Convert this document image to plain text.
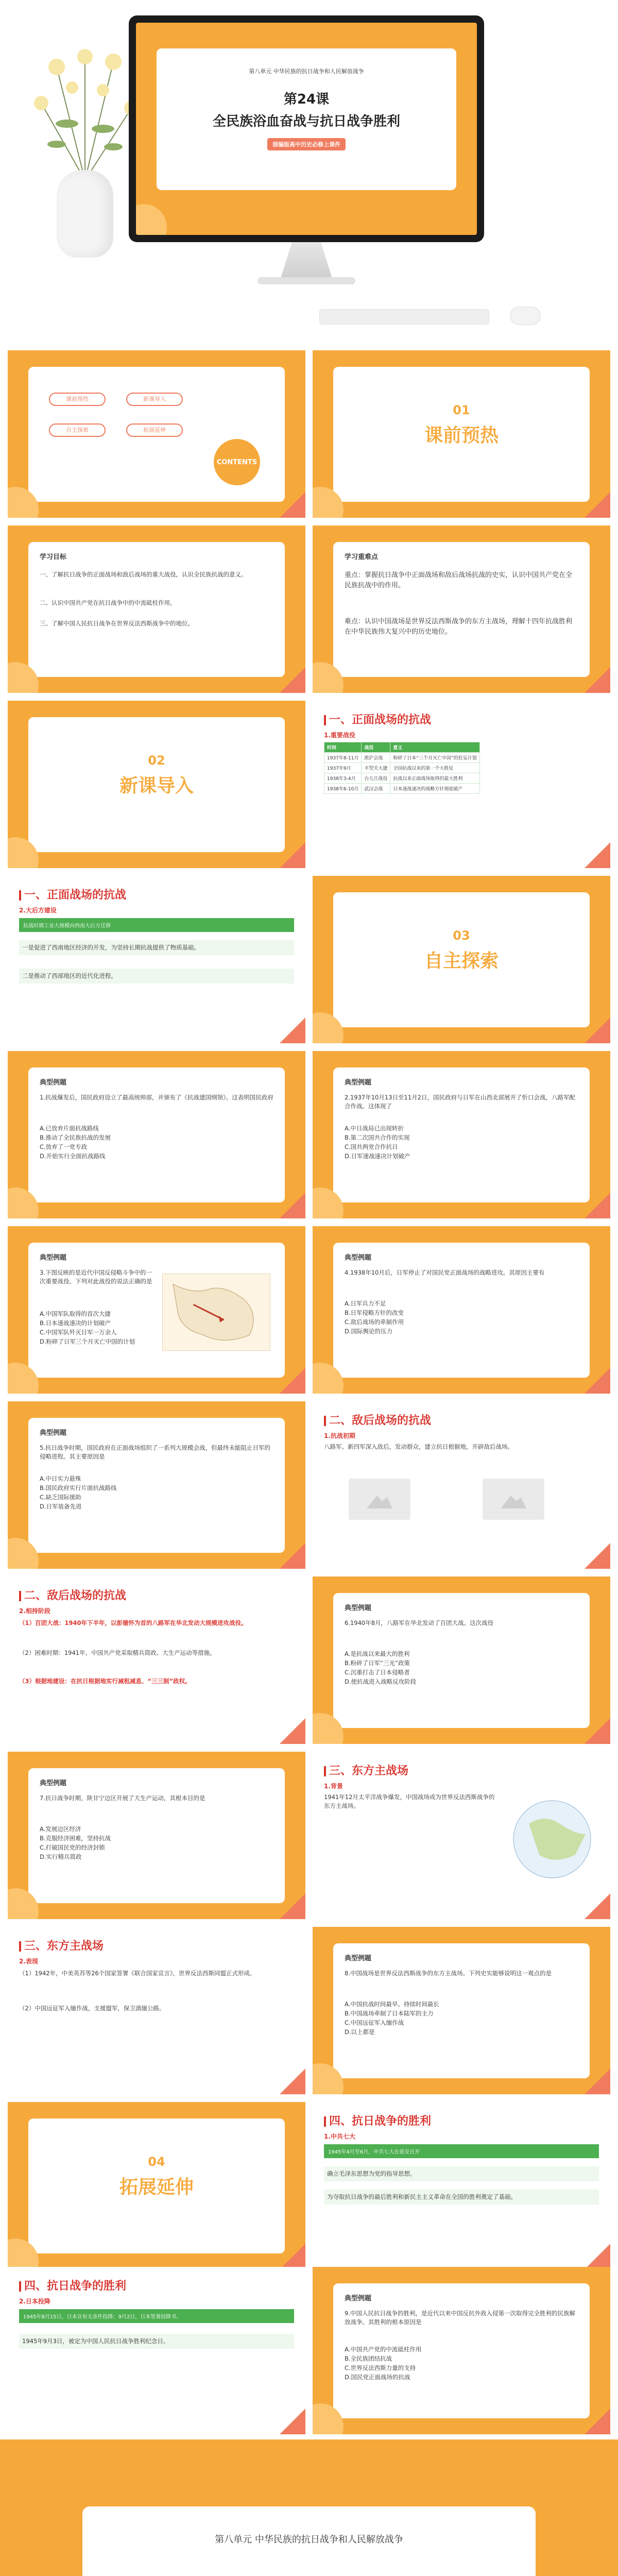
第八单元 中华民族的抗日战争和人民解放战争
第24课
全民族浴血奋战与抗日战争胜利
部编版高中历史必修上课件
课前预热	新课导入
自主探索	拓展延伸
CONTENTS
01
课前预热
学习目标
一、了解抗日战争的正面战场和敌后战场的重大战役，认识全民族抗战的意义。
二、认识中国共产党在抗日战争中的中流砥柱作用。
三、了解中国人民抗日战争在世界反法西斯战争中的地位。
学习重难点
重点：掌握抗日战争中正面战场和敌后战场抗战的史实，认识中国共产党在全民族抗战中的作用。
难点：认识中国战场是世界反法西斯战争的东方主战场，理解十四年抗战胜利在中华民族伟大复兴中的历史地位。
02
新课导入
一、正面战场的抗战
1.重要战役
时间	战役	意义
1937年8-11月	淞沪会战	粉碎了日本“三个月灭亡中国”的狂妄计划
1937年9月	平型关大捷	全国抗战以来的第一个大胜仗
1938年3-4月	台儿庄战役	抗战以来正面战场取得的最大胜利
1938年6-10月	武汉会战	日本速战速决的战略方针彻底破产
一、正面战场的抗战
2.大后方建设
抗战时期工业大规模向西南大后方迁移
一是促进了西南地区经济的开发，为坚持长期抗战提供了物质基础。
二是推动了西部地区的近代化进程。
03
自主探索
典型例题
1.抗战爆发后，国民政府设立了最高统帅部，并颁布了《抗战建国纲领》。这表明国民政府
A.已放弃片面抗战路线
B.推动了全民族抗战的发展
C.放弃了一党专政
D.开始实行全面抗战路线
典型例题
2.1937年10月13日至11月2日，国民政府与日军在山西北部展开了忻口会战，八路军配合作战。这体现了
A.中日战局已出现转折
B.第二次国共合作的实现
C.国共两党合作抗日
D.日军速战速决计划破产
典型例题
3.下图反映的是近代中国反侵略斗争中的一次重要战役。下列对此战役的说法正确的是
A.中国军队取得的首次大捷
B.日本速战速决的计划破产
C.中国军队歼灭日军一万余人
D.粉碎了日军三个月灭亡中国的计划
典型例题
4.1938年10月后，日军停止了对国民党正面战场的战略进攻。其原因主要有
A.日军兵力不足
B.日军侵略方针的改变
C.敌后战场的牵制作用
D.国际舆论的压力
典型例题
5.抗日战争时期，国民政府在正面战场组织了一系列大规模会战，但最终未能阻止日军的侵略进程。其主要原因是
A.中日实力悬殊
B.国民政府实行片面抗战路线
C.缺乏国际援助
D.日军装备先进
二、敌后战场的抗战
1.抗战初期
八路军、新四军深入敌后，发动群众，建立抗日根据地，开辟敌后战场。
二、敌后战场的抗战
2.相持阶段
（1）百团大战：1940年下半年，以彭德怀为首的八路军在华北发动大规模进攻战役。
（2）困难时期：1941年，中国共产党采取精兵简政、大生产运动等措施。
（3）根据地建设：在抗日根据地实行减租减息、“三三制”政权。
典型例题
6.1940年8月，八路军在华北发动了百团大战。这次战役
A.是抗战以来最大的胜利
B.粉碎了日军“三光”政策
C.沉重打击了日本侵略者
D.使抗战进入战略反攻阶段
典型例题
7.抗日战争时期，陕甘宁边区开展了大生产运动，其根本目的是
A.发展边区经济
B.克服经济困难，坚持抗战
C.打破国民党的经济封锁
D.实行精兵简政
三、东方主战场
1.背景
1941年12月太平洋战争爆发，中国战场成为世界反法西斯战争的东方主战场。
三、东方主战场
2.表现
（1）1942年，中美英苏等26个国家签署《联合国家宣言》，世界反法西斯同盟正式形成。
（2）中国远征军入缅作战，支援盟军，保卫滇缅公路。
典型例题
8.中国战场是世界反法西斯战争的东方主战场。下列史实能够说明这一观点的是
A.中国抗战时间最早、持续时间最长
B.中国战场牵制了日本陆军的主力
C.中国远征军入缅作战
D.以上都是
04
拓展延伸
四、抗日战争的胜利
1.中共七大
1945年4月至6月，中共七大在延安召开
确立毛泽东思想为党的指导思想。
为夺取抗日战争的最后胜利和新民主主义革命在全国的胜利奠定了基础。
四、抗日战争的胜利
2.日本投降
1945年8月15日，日本宣布无条件投降；9月2日，日本签署投降书。
1945年9月3日，被定为中国人民抗日战争胜利纪念日。
典型例题
9.中国人民抗日战争的胜利，是近代以来中国反抗外敌入侵第一次取得完全胜利的民族解放战争。其胜利的根本原因是
A.中国共产党的中流砥柱作用
B.全民族团结抗战
C.世界反法西斯力量的支持
D.国民党正面战场的抗战
第八单元 中华民族的抗日战争和人民解放战争
